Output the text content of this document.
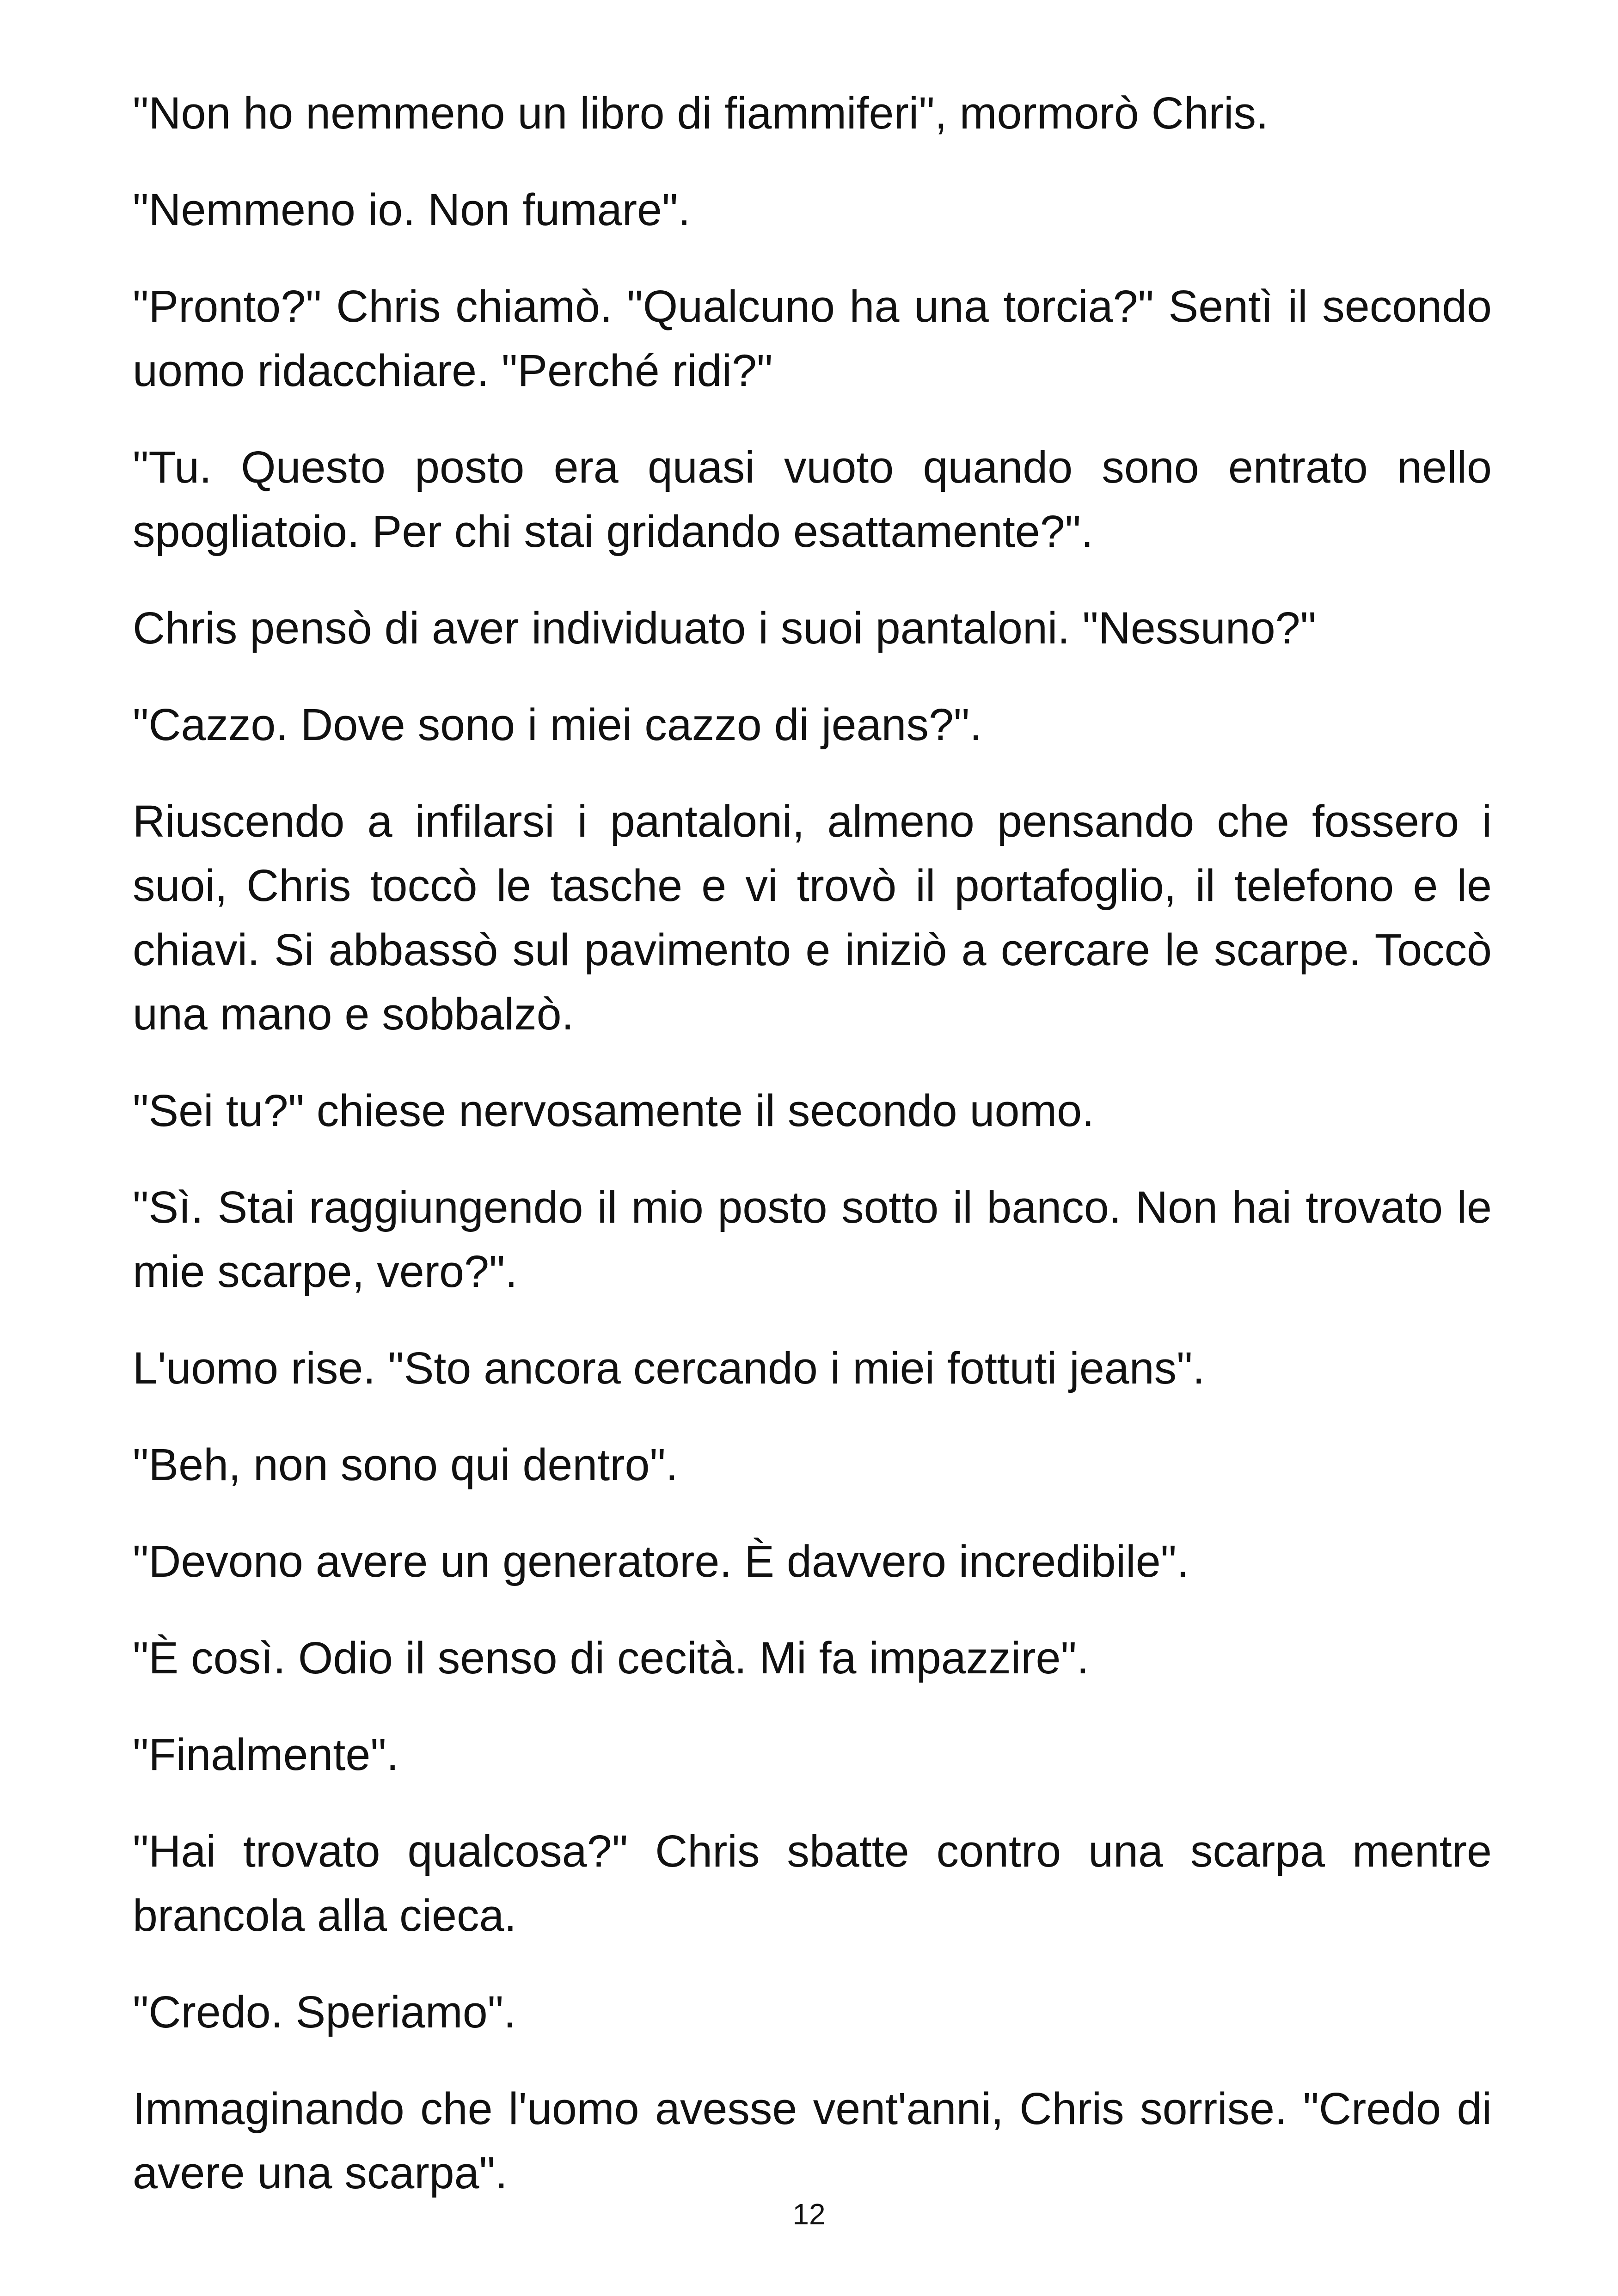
"Non ho nemmeno un libro di fiammiferi", mormorò Chris.

"Nemmeno io. Non fumare".

"Pronto?" Chris chiamò. "Qualcuno ha una torcia?" Sentì il secondo uomo ridacchiare. "Perché ridi?"

"Tu. Questo posto era quasi vuoto quando sono entrato nello spogliatoio. Per chi stai gridando esattamente?".

Chris pensò di aver individuato i suoi pantaloni. "Nessuno?"

"Cazzo. Dove sono i miei cazzo di jeans?".

Riuscendo a infilarsi i pantaloni, almeno pensando che fossero i suoi, Chris toccò le tasche e vi trovò il portafoglio, il telefono e le chiavi. Si abbassò sul pavimento e iniziò a cercare le scarpe. Toccò una mano e sobbalzò.

"Sei tu?" chiese nervosamente il secondo uomo.

"Sì. Stai raggiungendo il mio posto sotto il banco. Non hai trovato le mie scarpe, vero?".

L'uomo rise. "Sto ancora cercando i miei fottuti jeans".

"Beh, non sono qui dentro".

"Devono avere un generatore. È davvero incredibile".

"È così. Odio il senso di cecità. Mi fa impazzire".

"Finalmente".

"Hai trovato qualcosa?" Chris sbatte contro una scarpa mentre brancola alla cieca.

"Credo. Speriamo".

Immaginando che l'uomo avesse vent'anni, Chris sorrise. "Credo di avere una scarpa".

12
